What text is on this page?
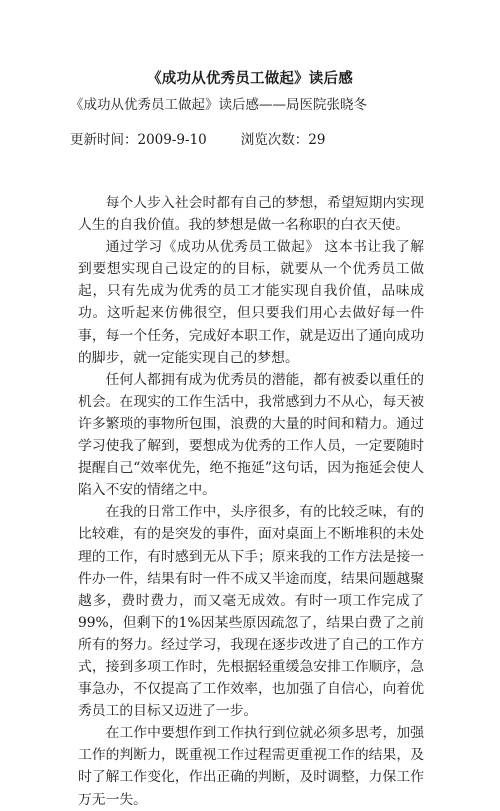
《成功从优秀员工做起》读后感
《成功从优秀员工做起》读后感——局医院张晓冬
更新时间：2009-9-10	浏览次数：29

每个人步入社会时都有自己的梦想，希望短期内实现人生的自我价值。我的梦想是做一名称职的白衣天使。

通过学习《成功从优秀员工做起》 这本书让我了解到要想实现自己设定的的目标，就要从一个优秀员工做起，只有先成为优秀的员工才能实现自我价值，品味成功。这听起来仿佛很空，但只要我们用心去做好每一件事，每一个任务，完成好本职工作，就是迈出了通向成功的脚步，就一定能实现自己的梦想。

任何人都拥有成为优秀员的潜能，都有被委以重任的机会。在现实的工作生活中，我常感到力不从心，每天被许多繁琐的事物所包围，浪费的大量的时间和精力。通过学习使我了解到，要想成为优秀的工作人员，一定要随时提醒自己“效率优先，绝不拖延”这句话，因为拖延会使人陷入不安的情绪之中。

在我的日常工作中，头序很多，有的比较乏味，有的比较难，有的是突发的事件，面对桌面上不断堆积的未处理的工作，有时感到无从下手；原来我的工作方法是接一件办一件，结果有时一件不成又半途而度，结果问题越聚越多，费时费力，而又毫无成效。有时一项工作完成了99%，但剩下的1%因某些原因疏忽了，结果白费了之前所有的努力。经过学习，我现在逐步改进了自己的工作方式，接到多项工作时，先根据轻重缓急安排工作顺序，急事急办，不仅提高了工作效率，也加强了自信心，向着优秀员工的目标又迈进了一步。

在工作中要想作到工作执行到位就必须多思考，加强工作的判断力，既重视工作过程需更重视工作的结果，及时了解工作变化，作出正确的判断，及时调整，力保工作万无一失。
